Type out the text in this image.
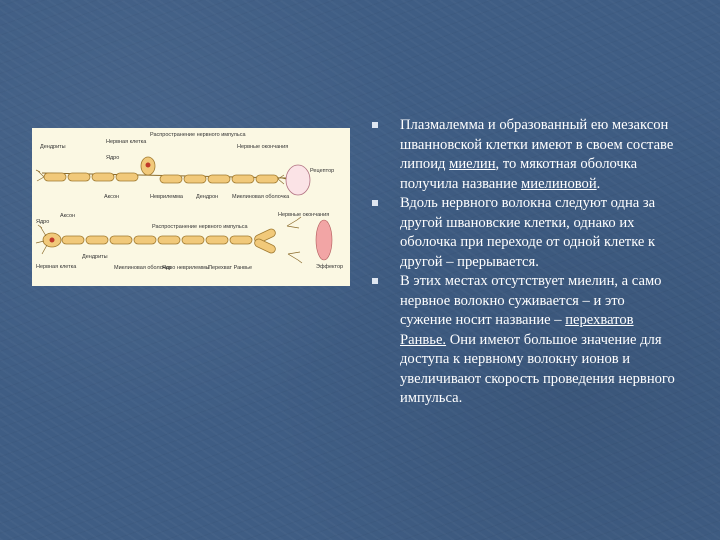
Дендриты
Нервная клетка
Распространение нервного импульса
Ядро
Нервные окончания
Рецептор
Аксон	Неврилемма Дендрон	Миелиновая оболочка
Ядро
Аксон
Дендриты
Миелиновая оболочка
Ядро неврилеммы
Перехват Ранвье
Распространение нервного импульса
Нервные окончания
Эффектор
Нервная клетка

Плазмалемма и образованный ею мезаксон шванновской клетки имеют в своем составе липоид миелин, то мякотная оболочка получила название миелиновой.

Вдоль нервного волокна следуют одна за другой швановские клетки, однако их оболочка при переходе от одной клетке к другой – прерывается.

В этих местах отсутствует миелин, а само нервное волокно суживается – и это сужение носит название – перехватов Ранвье. Они имеют большое значение для доступа к нервному волокну ионов и увеличивают скорость проведения нервного импульса.
